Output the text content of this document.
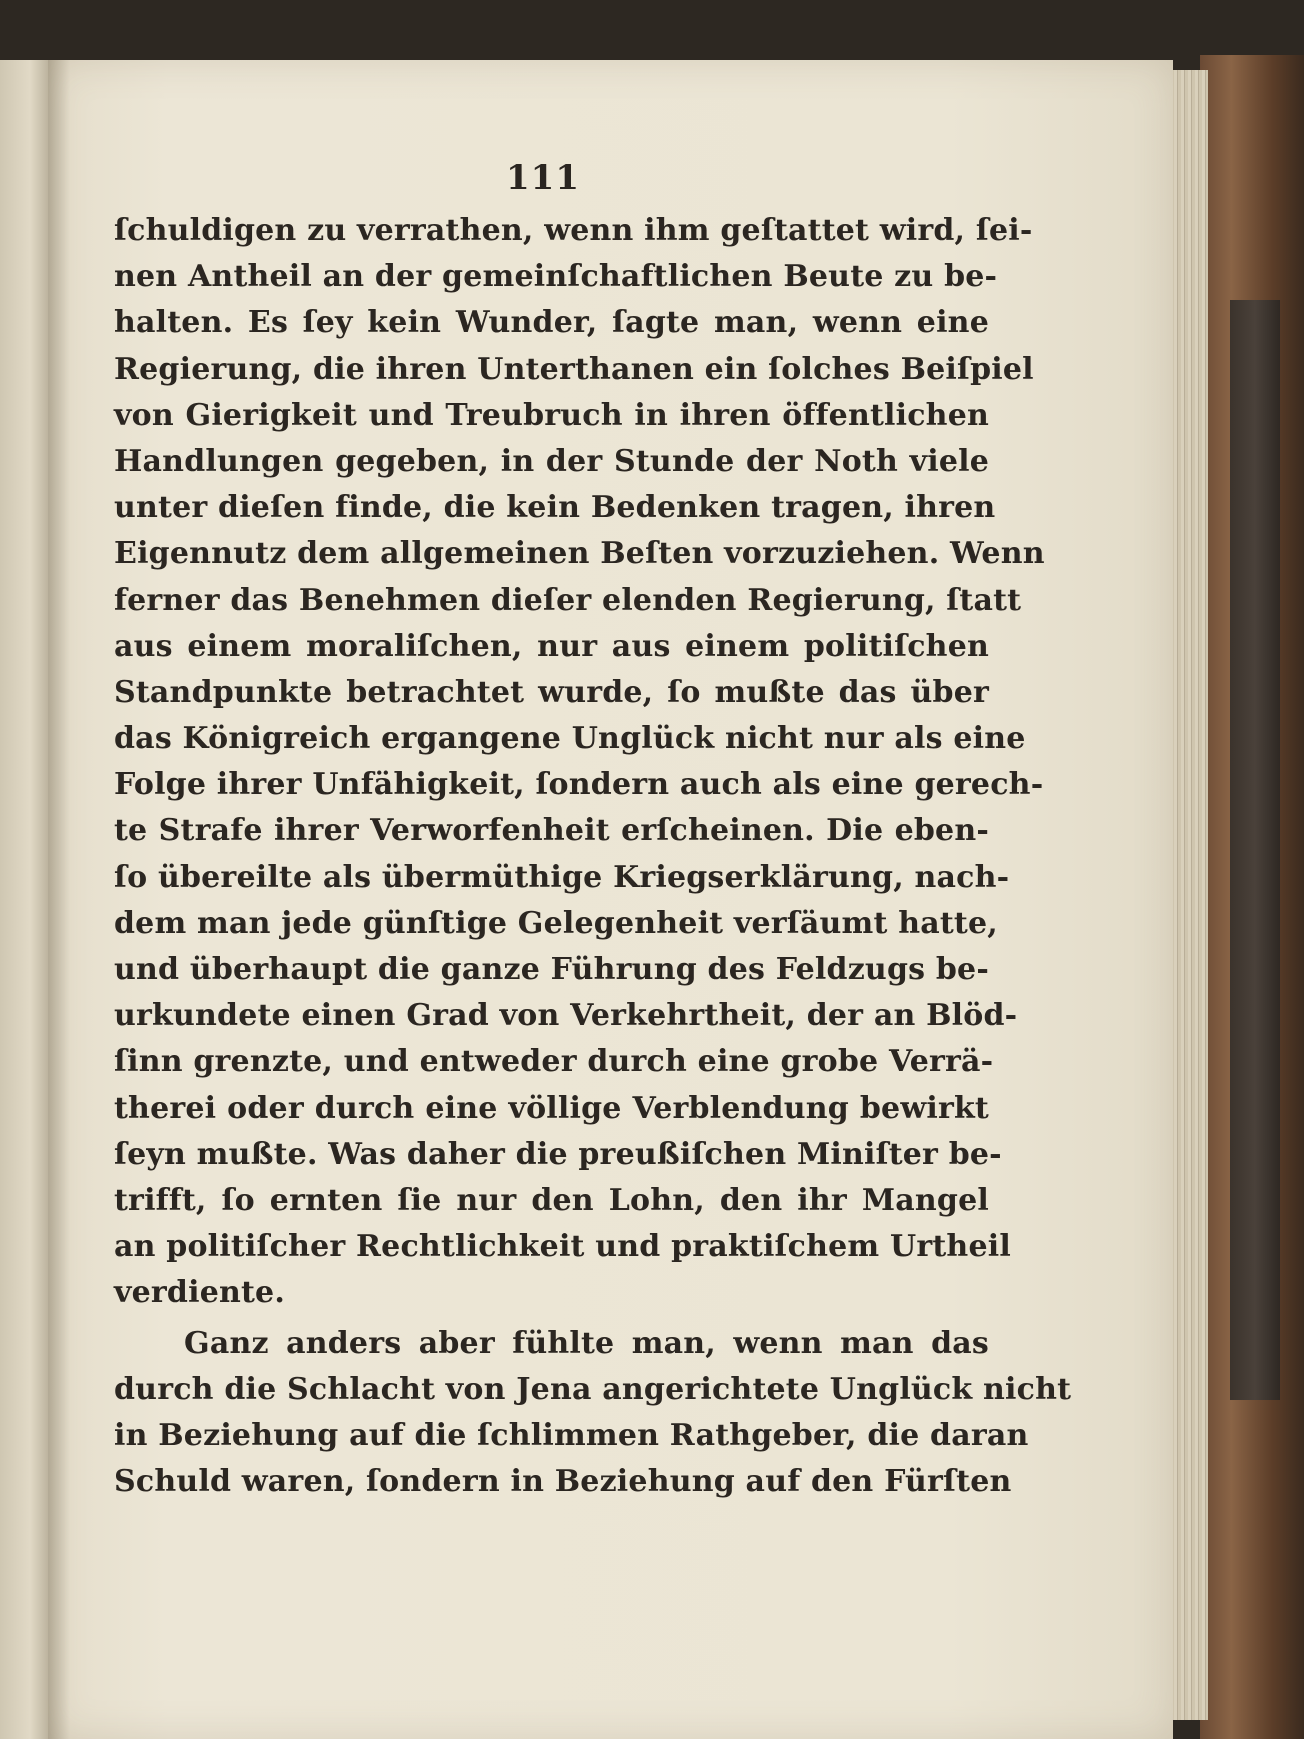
111
ſchuldigen zu verrathen, wenn ihm geſtattet wird, ſei-
nen Antheil an der gemeinſchaftlichen Beute zu be-
halten. Es ſey kein Wunder, ſagte man, wenn eine
Regierung, die ihren Unterthanen ein ſolches Beiſpiel
von Gierigkeit und Treubruch in ihren öffentlichen
Handlungen gegeben, in der Stunde der Noth viele
unter dieſen finde, die kein Bedenken tragen, ihren
Eigennutz dem allgemeinen Beſten vorzuziehen. Wenn
ferner das Benehmen dieſer elenden Regierung, ſtatt
aus einem moraliſchen, nur aus einem politiſchen
Standpunkte betrachtet wurde, ſo mußte das über
das Königreich ergangene Unglück nicht nur als eine
Folge ihrer Unfähigkeit, ſondern auch als eine gerech-
te Strafe ihrer Verworfenheit erſcheinen. Die eben-
ſo übereilte als übermüthige Kriegserklärung, nach-
dem man jede günſtige Gelegenheit verſäumt hatte,
und überhaupt die ganze Führung des Feldzugs be-
urkundete einen Grad von Verkehrtheit, der an Blöd-
ſinn grenzte, und entweder durch eine grobe Verrä-
therei oder durch eine völlige Verblendung bewirkt
ſeyn mußte. Was daher die preußiſchen Miniſter be-
trifft, ſo ernten ſie nur den Lohn, den ihr Mangel
an politiſcher Rechtlichkeit und praktiſchem Urtheil
verdiente.
Ganz anders aber fühlte man, wenn man das
durch die Schlacht von Jena angerichtete Unglück nicht
in Beziehung auf die ſchlimmen Rathgeber, die daran
Schuld waren, ſondern in Beziehung auf den Fürſten
